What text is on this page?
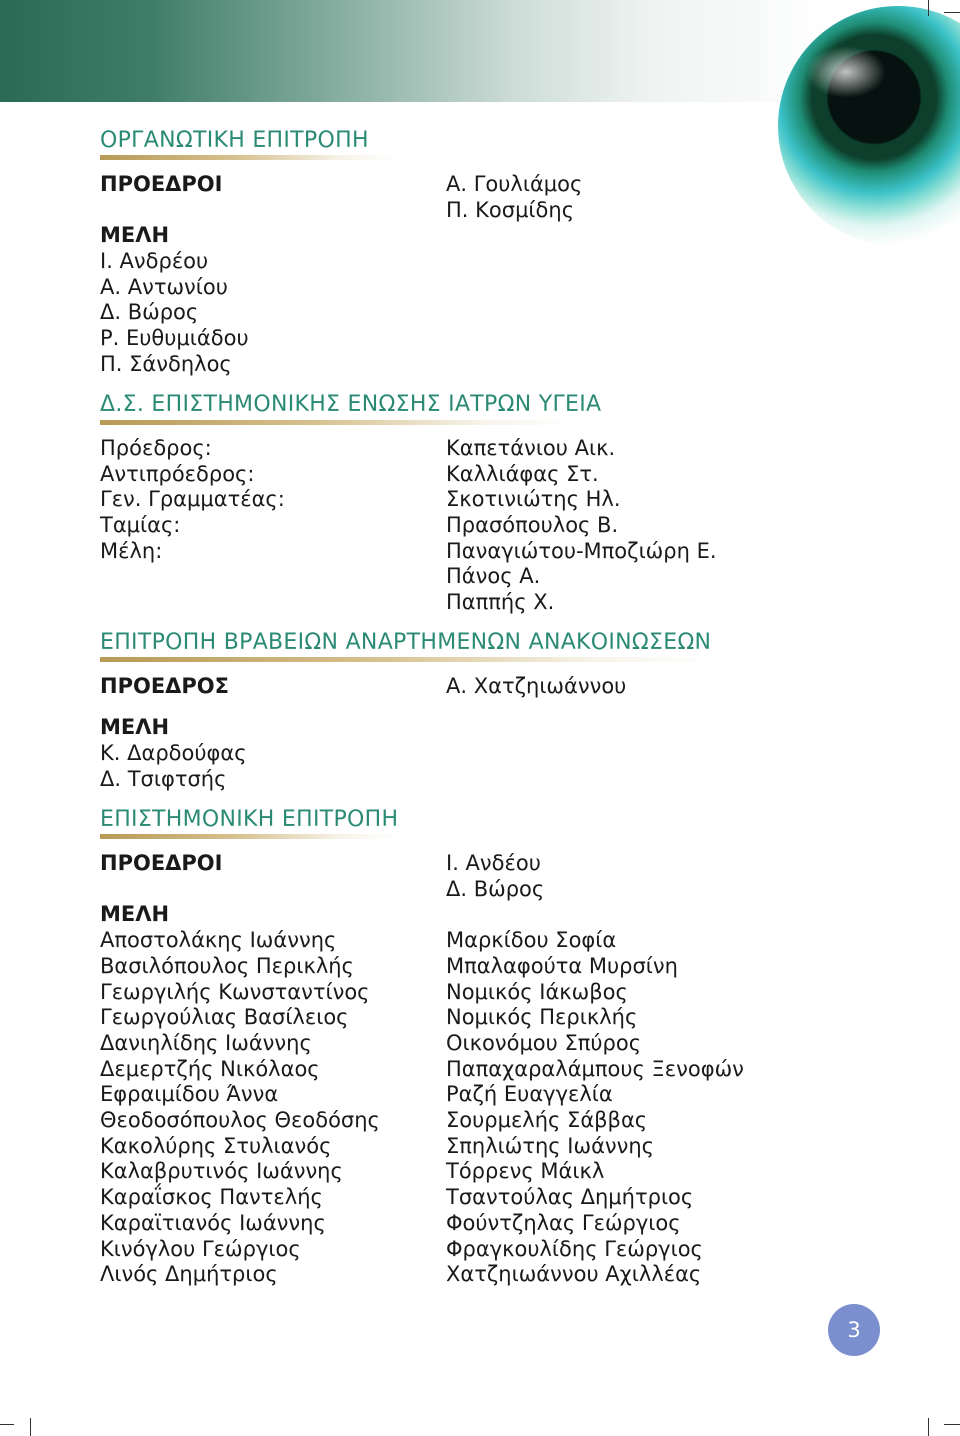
ΟΡΓΑΝΩΤΙΚΗ ΕΠΙΤΡΟΠΗ
ΠΡΟΕΔΡΟΙ	Α. Γουλιάμος
Π. Κοσμίδης
ΜΕΛΗ
Ι. Ανδρέου
Α. Αντωνίου
Δ. Βώρος
Ρ. Ευθυμιάδου
Π. Σάνδηλος
Δ.Σ. ΕΠΙΣΤΗΜΟΝΙΚΗΣ ΕΝΩΣΗΣ ΙΑΤΡΩΝ ΥΓΕΙΑ
Πρόεδρος:	Καπετάνιου Αικ.
Αντιπρόεδρος:	Καλλιάφας Στ.
Γεν. Γραμματέας:	Σκοτινιώτης Ηλ.
Ταμίας:	Πρασόπουλος Β.
Μέλη:	Παναγιώτου-Μποζιώρη Ε.
Πάνος Α.
Παππής Χ.
ΕΠΙΤΡΟΠΗ ΒΡΑΒΕΙΩΝ ΑΝΑΡΤΗΜΕΝΩΝ ΑΝΑΚΟΙΝΩΣΕΩΝ
ΠΡΟΕΔΡΟΣ	Α. Χατζηιωάννου
ΜΕΛΗ
Κ. Δαρδούφας
Δ. Τσιφτσής
ΕΠΙΣΤΗΜΟΝΙΚΗ ΕΠΙΤΡΟΠΗ
ΠΡΟΕΔΡΟΙ	Ι. Ανδέου
Δ. Βώρος
ΜΕΛΗ
Αποστολάκης Ιωάννης	Μαρκίδου Σοφία
Βασιλόπουλος Περικλής	Μπαλαφούτα Μυρσίνη
Γεωργιλής Κωνσταντίνος	Νομικός Ιάκωβος
Γεωργούλιας Βασίλειος	Νομικός Περικλής
Δανιηλίδης Ιωάννης	Οικονόμου Σπύρος
Δεμερτζής Νικόλαος	Παπαχαραλάμπους Ξενοφών
Εφραιμίδου Άννα	Ραζή Ευαγγελία
Θεοδοσόπουλος Θεοδόσης	Σουρμελής Σάββας
Κακολύρης Στυλιανός	Σπηλιώτης Ιωάννης
Καλαβρυτινός Ιωάννης	Τόρρενς Μάικλ
Καραΐσκος Παντελής	Τσαντούλας Δημήτριος
Καραϊτιανός Ιωάννης	Φούντζηλας Γεώργιος
Κινόγλου Γεώργιος	Φραγκουλίδης Γεώργιος
Λινός Δημήτριος	Χατζηιωάννου Αχιλλέας
3
